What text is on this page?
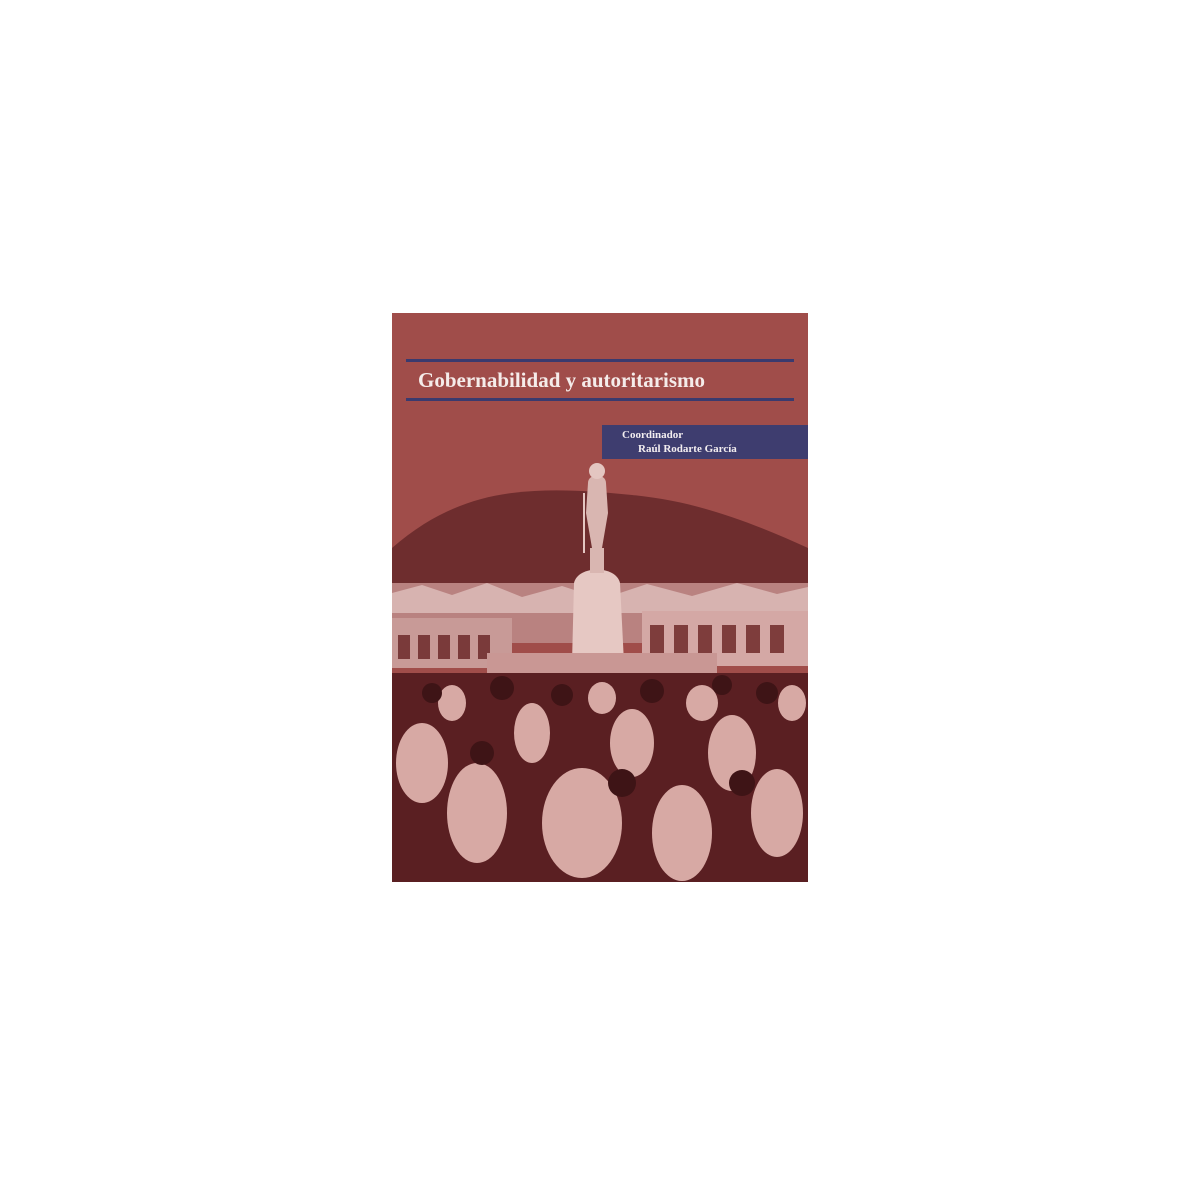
Gobernabilidad y autoritarismo
Coordinador
Raúl Rodarte García
